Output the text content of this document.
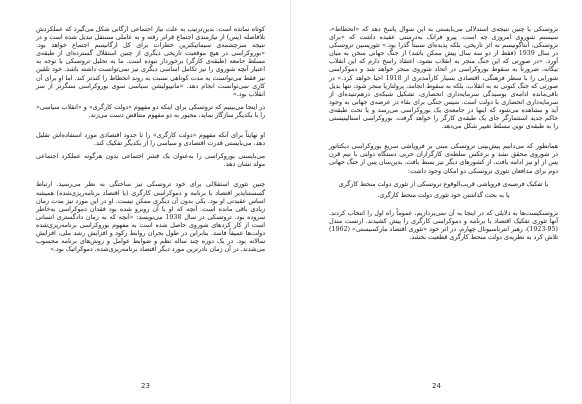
کوتاه نمانده است. بدین‌ترتیب به علت نیاز اجتماعی ارگانی شکل می‌گیرد که عملکردش بلافاصله (پس) از نیازمندی اجتماع فراتر رفته و به عاملی مستقل تبدیل شده است و در نتیجه سرچشمه‌ی سیماتیکترین خطرات برای کل ارگانیسم اجتماع خواهد بود. «بوروکراسی در هیچ موقعیت تاریخی دیگری از چنین استقلال گسترده‌ای از طبقه‌ی مسلط جامعه (طبقه‌ی کارگر) برخوردار نبوده است. ما به تحلیل تروتسکی با توجه به اعتبار آنچه شوروی را نیز تکامل اساسی دیگری نیز نمی‌توانست داشته باشد. خود تلقین نیز فقط می‌توانست به مدت کوتاهی نسبت به روند انحطاط را کندتر کند. اما او برای آن کارِی نمی‌توانست انجام دهد. «مانیپولیشن سیاسی سوی بوروکراسی سنگرتر از سر انقلاب بود.»

در اینجا می‌بینیم که تروتسکی برای اینکه دو مفهوم «دولت کارگری» و «انقلاب سیاسی» را با یکدیگر سازگار نماید، مجبور به دو مفهوم متناقض دست می‌زند.

او نهایتاً برای آنکه مفهوم «دولت کارگری» را تا حدود اقتصادی مورد استفاده‌اش تقلیل دهد، می‌بایستی قدرت اقتصادی و سیاسی را از یکدیگر تفکیک کند.

می‌بایستی بوروکراسی را به‌عنوان یک قشر اجتماعی بدون هرگونه عملکرد اجتماعی مولد نشان دهد.

چنین تئوری استقلالی برای خود تروتسکی نیز ساختگی به نظر می‌رسید. ارتباط گسستناپذیر اقتصاد با برنامه و دموکراسی کارگری (یا اقتصاد برنامه‌ریزی‌شده) همیشه اساس عقیدتی او بود. یکی بدون آن دیگری ممکن نیست. او در این مورد نیز مدت زمان زیادی باقی مانده است. آنچه که او با آن روبرو شده بود فقدان دموکراسی به‌خاطر سروده بود. تروتسکی در سال 1938 می‌نویسد: «آنچه که به زمان دادگستری انسانی است از کار کردهای شوروی حاصل شده است به مفهوم بوروکراسی برنامه‌ریزی‌شده دولت‌ها عمیقاً فاسد. بنابراین در طول بحران روابط رکود و افزایش رشد ملی، افزایش سالانه بود. در یک دوره چند ساله نظم و ضوابط عوامل و روش‌های برنامه محسوب می‌شدند. در آن زمان نادرترین مورد دیگر اقتصاد برنامه‌ریزی‌شده، دموکراتیک بود.»

23

تروتسکی با چنین نتیجه‌ی استدلالی می‌بایستی به این سوال پاسخ دهد که «انحطاط»، سیستم شوروی امروزی چه است. پیرو فرانک به‌درستی عقیده داشت که «برای تروتسکی، آنتاگونیسم نه اثر تاریخی، بلکه پدیده‌ای نسبتاً گذرا بود.» تئوریسین تروتسکی در سال 1939 (فقط از دو سه سال پیش ممکن باشد) از جنگ جهانی سخن به میان آورد. «در صورتی که این جنگ منجر به انقلاب نشود، اعتقاد راسخ دارم که این انقلاب بیگانه، ضرورتاً به سقوط بوروکراسی در اتحاد شوروی منجر خواهد شد و دموکراسی شورایی را با سطر فرهنگی، اقتصادی بسیار کارآمدتری از 1918 احیا خواهد کرد.» در صورتی که جنگ کنونی نه به انقلاب، بلکه به سقوط انجامد، پرولتاریا منجر شود، تنها بدیل باقی‌مانده ادامه‌ی پوسیدگی سرمایه‌داری انحصاری، تشکیل شبکه‌ی درهم‌تنیده‌ای از سرمایه‌داری انحصاری با دولت است. سپس جنگی برای بقاء در عرصه‌ی جهانی به وجود آید و مشاهده می‌شود که اینها در جامعه‌ی یک بوروکراسی می‌رسد و یا تحت طبقه‌ی حاکم جدید استثمارگر جای یک طبقه‌ی کارگر را خواهد گرفت. بوروکراسی استالینیستی را به طبقه‌ی نوین مسلط تغییر شکل می‌دهد.

همانطور که می‌دانیم پیش‌بینی تروتسکی مبنی بر فروپاشی سریع بوروکراسی دیکتاتور در شوروی محقق نشد و برعکس سلطه‌ی کارگزاران حربی دستگاه دولتی با نیم قرن پس از او نیز ادامه یافت. از کشورهای دیگر نیز بسط یافت. بدین‌سان پس از جنگ جهانی دوم برای مدافعان تئوری تروتسکی دو امکان وجود داشت:

یا تفکیک فرضیه‌ی فروپاشی قریب‌الوقوع تروتسکی از تئوری دولت منحط کارگری

یا به بحث گذاشتن خود تئوری دولت منحط کارگری.

تروتسکیست‌ها به دلایلی که در اینجا به آن نمی‌پردازیم، عموماً راه اول را انتخاب کردند. آنها تئوری تفکیک اقتصاد با برنامه و دموکراسی کارگری را پیش کشیدند. ارنست مندل (95-1923)، رهبر انترناسیونال چهارم، در اثر خود «تئوری اقتصاد مارکسیستی» (1962) تلاش کرد به نظریه‌ی دولت منحط کارگری قطعیت بخشد.

24
